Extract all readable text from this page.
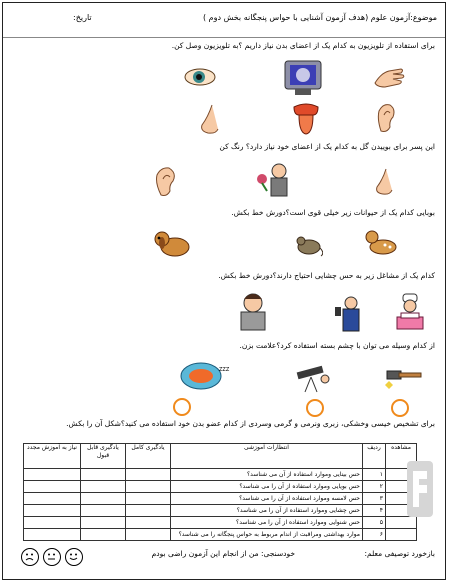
موضوع:آزمون علوم (هدف آزمون آشنایی با حواس پنجگانه بخش دوم )
تاریخ:
برای استفاده از تلویزیون به کدام یک از اعضای بدن نیاز داریم ؟به تلویزیون وصل کن.
این پسر برای بوییدن گل به کدام یک از اعضای خود نیاز دارد؟ رنگ کن
بوبایی کدام یک از حیوانات زیر خیلی قوی است؟دورش خط بکش.
کدام یک از مشاغل زیر به حس چشایی احتیاج دارند؟دورش خط بکش.
از کدام وسیله می توان با چشم بسته استفاده کرد؟علامت بزن.
ZZZ
برای تشخیص خیسی وخشکی، زبری ونرمی و گرمی وسردی از کدام عضو بدن خود استفاده می کنید؟شکل آن را بکش.
مشاهده	ردیف	انتظارات آموزشی	یادگیری کامل	یادگیری قابل قبول	نیاز به آموزش مجدد
	۱	حس بینایی وموارد استفاده از آن می شناسد؟			
	۲	حس بویایی وموارد استفاده از آن را می شناسد؟			
	۳	حس لامسه وموارد استفاده از آن را می شناسد؟			
	۴	حس چشایی وموارد استفاده از آن را می شناسد؟			
	۵	حس شنوایی وموارد استفاده از آن را می شناسد؟			
	۶	موارد بهداشتی ومراقبت از اندام مربوط به حواس پنجگانه را می شناسد؟			
بازخورد توصیفی معلم:
خودسنجی: من از انجام این آزمون راضی بودم
